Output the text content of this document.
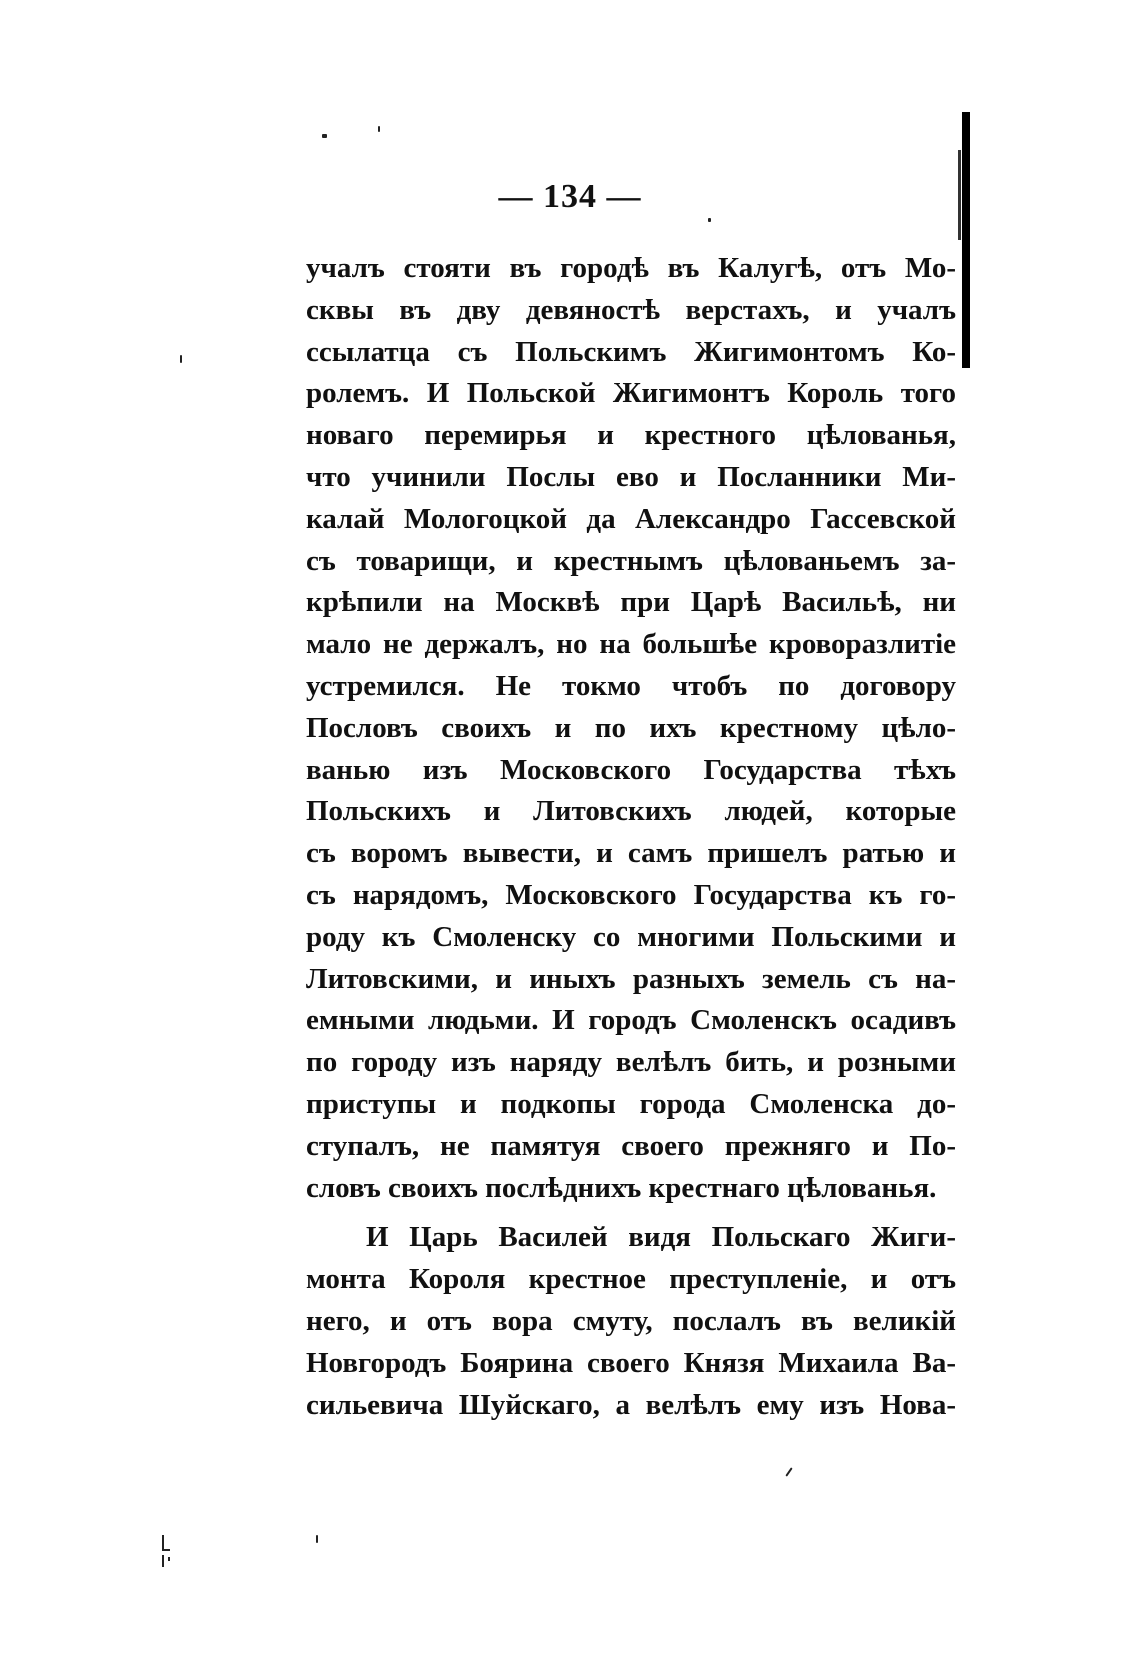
— 134 —
учалъ стояти въ городѣ въ Калугѣ, отъ Мо-
сквы въ дву девяностѣ верстахъ, и учалъ
ссылатца съ Польскимъ Жигимонтомъ Ко-
ролемъ. И Польской Жигимонтъ Король того
новаго перемирья и крестного цѣлованья,
что учинили Послы ево и Посланники Ми-
калай Мологоцкой да Александро Гассевской
съ товарищи, и крестнымъ цѣлованьемъ за-
крѣпили на Москвѣ при Царѣ Васильѣ, ни
мало не держалъ, но на большѣе кроворазлитіе
устремился. Не токмо чтобъ по договору
Пословъ своихъ и по ихъ крестному цѣло-
ванью изъ Московского Государства тѣхъ
Польскихъ и Литовскихъ людей, которые
съ воромъ вывести, и самъ пришелъ ратью и
съ нарядомъ, Московского Государства къ го-
роду къ Смоленску со многими Польскими и
Литовскими, и иныхъ разныхъ земель съ на-
емными людьми. И городъ Смоленскъ осадивъ
по городу изъ наряду велѣлъ бить, и розными
приступы и подкопы города Смоленска до-
ступалъ, не памятуя своего прежняго и По-
словъ своихъ послѣднихъ крестнаго цѣлованья.
И Царь Василей видя Польскаго Жиги-
монта Короля крестное преступленіе, и отъ
него, и отъ вора смуту, послалъ въ великій
Новгородъ Боярина своего Князя Михаила Ва-
сильевича Шуйскаго, а велѣлъ ему изъ Нова-
